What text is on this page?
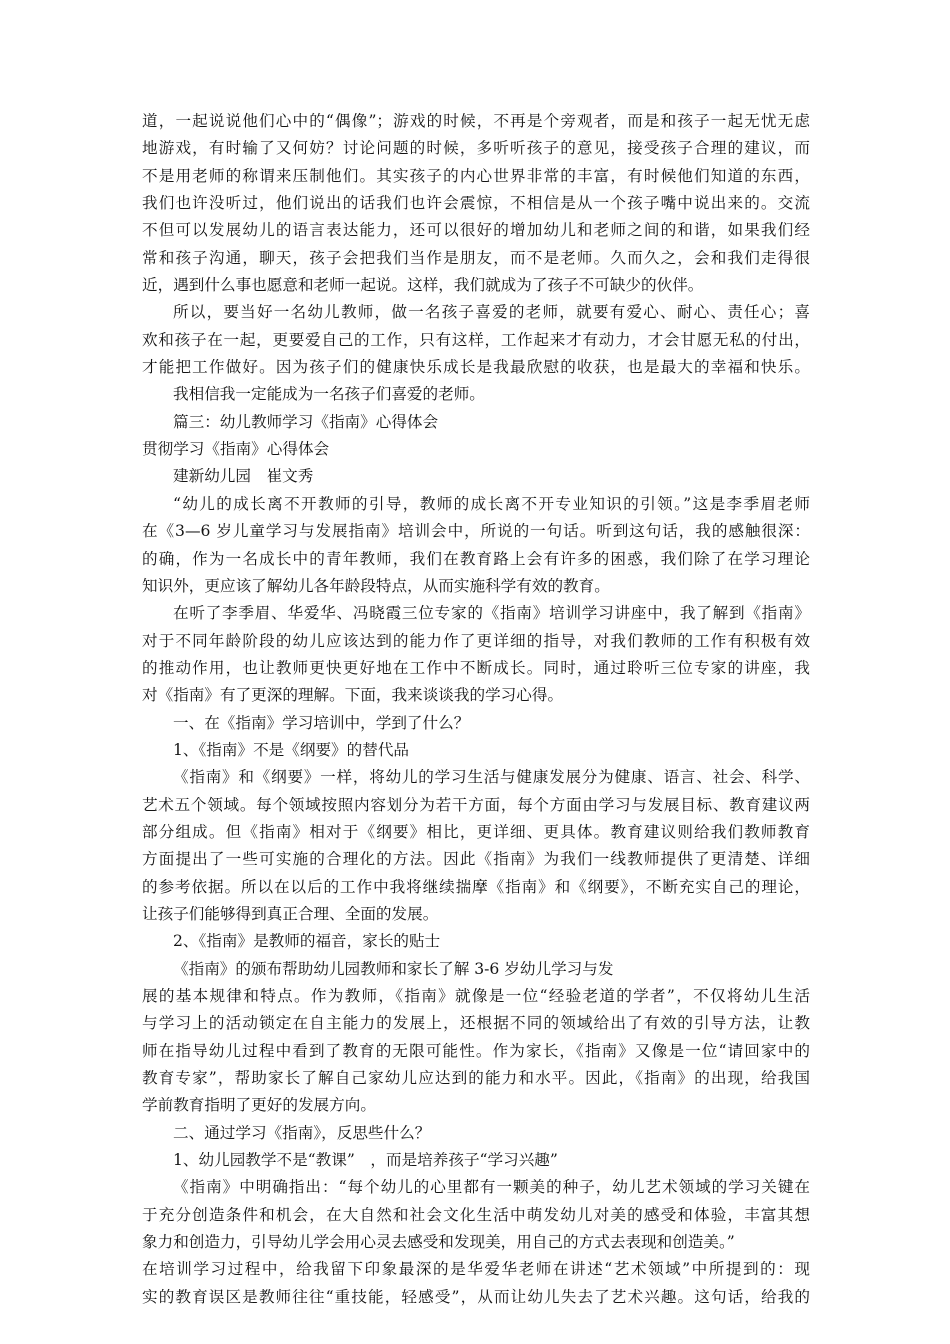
道，一起说说他们心中的“偶像”；游戏的时候，不再是个旁观者，而是和孩子一起无忧无虑
地游戏，有时输了又何妨？讨论问题的时候，多听听孩子的意见，接受孩子合理的建议，而
不是用老师的称谓来压制他们。其实孩子的内心世界非常的丰富，有时候他们知道的东西，
我们也许没听过，他们说出的话我们也许会震惊，不相信是从一个孩子嘴中说出来的。交流
不但可以发展幼儿的语言表达能力，还可以很好的增加幼儿和老师之间的和谐，如果我们经
常和孩子沟通，聊天，孩子会把我们当作是朋友，而不是老师。久而久之，会和我们走得很
近，遇到什么事也愿意和老师一起说。这样，我们就成为了孩子不可缺少的伙伴。
所以，要当好一名幼儿教师，做一名孩子喜爱的老师，就要有爱心、耐心、责任心；喜
欢和孩子在一起，更要爱自己的工作，只有这样，工作起来才有动力，才会甘愿无私的付出，
才能把工作做好。因为孩子们的健康快乐成长是我最欣慰的收获，也是最大的幸福和快乐。
我相信我一定能成为一名孩子们喜爱的老师。
篇三：幼儿教师学习《指南》心得体会
贯彻学习《指南》心得体会
建新幼儿园　崔文秀
“幼儿的成长离不开教师的引导，教师的成长离不开专业知识的引领。”这是李季眉老师
在《3—6 岁儿童学习与发展指南》培训会中，所说的一句话。听到这句话，我的感触很深：
的确，作为一名成长中的青年教师，我们在教育路上会有许多的困惑，我们除了在学习理论
知识外，更应该了解幼儿各年龄段特点，从而实施科学有效的教育。
在听了李季眉、华爱华、冯晓霞三位专家的《指南》培训学习讲座中，我了解到《指南》
对于不同年龄阶段的幼儿应该达到的能力作了更详细的指导，对我们教师的工作有积极有效
的推动作用，也让教师更快更好地在工作中不断成长。同时，通过聆听三位专家的讲座，我
对《指南》有了更深的理解。下面，我来谈谈我的学习心得。
一、在《指南》学习培训中，学到了什么？
1、《指南》不是《纲要》的替代品
《指南》和《纲要》一样，将幼儿的学习生活与健康发展分为健康、语言、社会、科学、
艺术五个领域。每个领域按照内容划分为若干方面，每个方面由学习与发展目标、教育建议两
部分组成。但《指南》相对于《纲要》相比，更详细、更具体。教育建议则给我们教师教育
方面提出了一些可实施的合理化的方法。因此《指南》为我们一线教师提供了更清楚、详细
的参考依据。所以在以后的工作中我将继续揣摩《指南》和《纲要》，不断充实自己的理论，
让孩子们能够得到真正合理、全面的发展。
2、《指南》是教师的福音，家长的贴士
《指南》的颁布帮助幼儿园教师和家长了解 3-6 岁幼儿学习与发
展的基本规律和特点。作为教师，《指南》就像是一位“经验老道的学者”，不仅将幼儿生活
与学习上的活动锁定在自主能力的发展上，还根据不同的领域给出了有效的引导方法，让教
师在指导幼儿过程中看到了教育的无限可能性。作为家长，《指南》又像是一位“请回家中的
教育专家”，帮助家长了解自己家幼儿应达到的能力和水平。因此，《指南》的出现，给我国
学前教育指明了更好的发展方向。
二、通过学习《指南》，反思些什么？
1、幼儿园教学不是“教课”　，而是培养孩子“学习兴趣”
《指南》中明确指出：“每个幼儿的心里都有一颗美的种子，幼儿艺术领域的学习关键在
于充分创造条件和机会，在大自然和社会文化生活中萌发幼儿对美的感受和体验，丰富其想
象力和创造力，引导幼儿学会用心灵去感受和发现美，用自己的方式去表现和创造美。”
在培训学习过程中，给我留下印象最深的是华爱华老师在讲述“艺术领域”中所提到的：现
实的教育误区是教师往往“重技能，轻感受”，从而让幼儿失去了艺术兴趣。这句话，给我的
